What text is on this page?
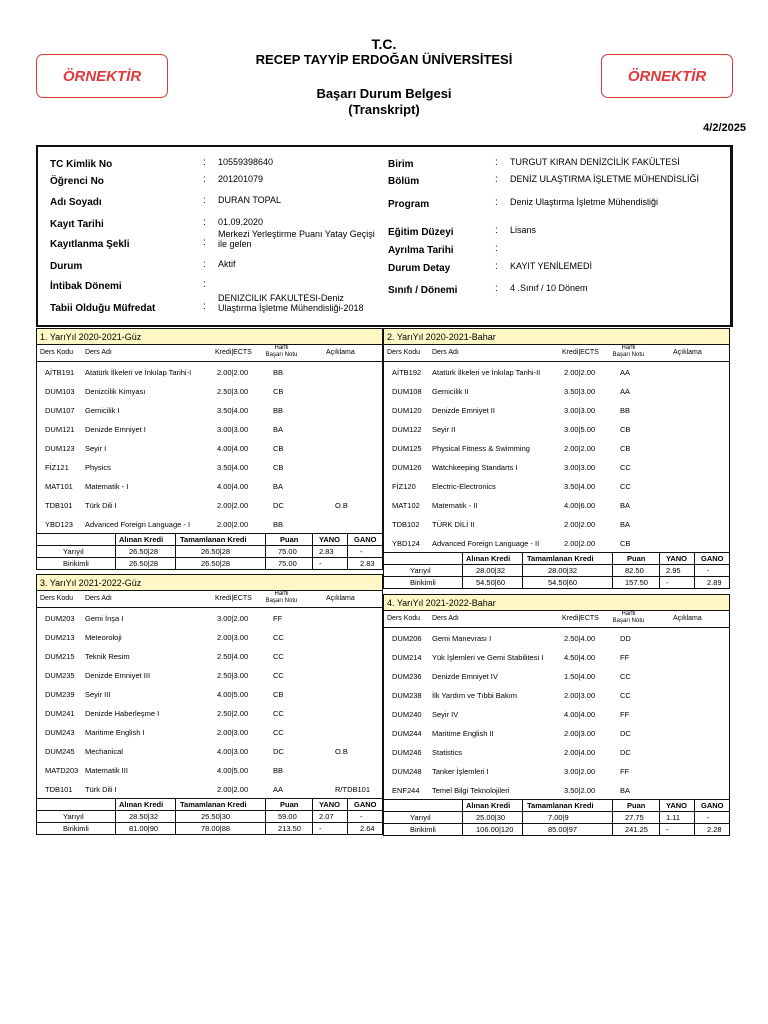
ÖRNEKTİR	ÖRNEKTİR
T.C.
RECEP TAYYİP ERDOĞAN ÜNİVERSİTESİ
Başarı Durum Belgesi
(Transkript)
4/2/2025
TC Kimlik No	: 10559398640
Öğrenci No	: 201201079
Adı Soyadı	: DURAN TOPAL
Kayıt Tarihi	: 01.09.2020
Kayıtlanma Şekli	:
Merkezi Yerleştirme Puanı Yatay Geçişi ile gelen
Durum	: Aktif
İntibak Dönemi	:
Tabii Olduğu Müfredat	:
DENIZCILIK FAKULTESI-Deniz Ulaştırma İşletme Mühendisliği-2018
Birim	: TURGUT KIRAN DENİZCİLİK FAKÜLTESİ
Bölüm	: DENİZ ULAŞTIRMA İŞLETME MÜHENDİSLİĞİ
Program	: Deniz Ulaştırma İşletme Mühendisliği
Eğitim Düzeyi	: Lisans
Ayrılma Tarihi	:
Durum Detay	: KAYIT YENİLEMEDİ
Sınıfı / Dönemi	: 4 .Sınıf / 10 Dönem
1. YarıYıl 2020-2021-Güz
Ders Kodu Ders Adı	Kredi|ECTS
Harfli
Başarı Notu	Açıklama
AİTB191 Atatürk İlkeleri ve İnkılap Tarihi-I	2.00|2.00	BB
DUM103 Denizcilik Kimyası	2.50|3.00	CB
DUM107 Gemicilik I	3.50|4.00	BB
DUM121 Denizde Emniyet I	3.00|3.00	BA
DUM123 Seyir I	4.00|4.00	CB
FİZ121 Physics	3.50|4.00	CB
MAT101 Matematik - I	4.00|4.00	BA
TDB101 Türk Dili I	2.00|2.00	DC	O.B
YBD123 Advanced Foreign Language - I	2.00|2.00	BB
Alınan Kredi Tamamlanan Kredi	Puan	YANO GANO
Yarıyıl	26.50|28	26.50|28	75.00	2.83	-
Birikimli	26.50|28	26.50|28	75.00	-	2.83
2. YarıYıl 2020-2021-Bahar
Ders Kodu Ders Adı	Kredi|ECTS
Harfli
Başarı Notu	Açıklama
AİTB192 Atatürk İlkeleri ve İnkılap Tarihi-II	2.00|2.00	AA
DUM108 Gemicilik II	3.50|3.00	AA
DUM120 Denizde Emniyet II	3.00|3.00	BB
DUM122 Seyir II	3.00|5.00	CB
DUM125 Physical Fitness & Swimming	2.00|2.00	CB
DUM126 Watchkeeping Standarts I	3.00|3.00	CC
FİZ120 Electric-Electronics	3.50|4.00	CC
MAT102 Matematik - II	4.00|6.00	BA
TDB102 TÜRK DİLİ II	2.00|2.00	BA
YBD124 Advanced Foreign Language - II	2.00|2.00	CB
Alınan Kredi Tamamlanan Kredi	Puan	YANO GANO
Yarıyıl	28.00|32	28.00|32	82.50	2.95	-
Birikimli	54.50|60	54.50|60	157.50 -	2.89
3. YarıYıl 2021-2022-Güz
Ders Kodu Ders Adı	Kredi|ECTS
Harfli
Başarı Notu	Açıklama
DUM203 Gemi İnşa I	3.00|2.00	FF
DUM213 Meteoroloji	2.00|3.00	CC
DUM215 Teknik Resim	2.50|4.00	CC
DUM235 Denizde Emniyet III	2.50|3.00	CC
DUM239 Seyir III	4.00|5.00	CB
DUM241 Denizde Haberleşme I	2.50|2.00	CC
DUM243 Maritime English I	2.00|3.00	CC
DUM245 Mechanical	4.00|3.00	DC	O.B
MATD203 Matematik III	4.00|5.00	BB
TDB101 Türk Dili I	2.00|2.00	AA	R/TDB101
Alınan Kredi Tamamlanan Kredi	Puan	YANO GANO
Yarıyıl	28.50|32	25.50|30	59.00	2.07	-
Birikimli	81.00|90	78.00|88	213.50 -	2.64
4. YarıYıl 2021-2022-Bahar
Ders Kodu Ders Adı	Kredi|ECTS
Harfli
Başarı Notu	Açıklama
DUM206 Gemi Manevrası I	2.50|4.00	DD
DUM214 Yük İşlemleri ve Gemi Stabilitesi I	4.50|4.00	FF
DUM236 Denizde Emniyet IV	1.50|4.00	CC
DUM238 İlk Yardım ve Tıbbi Bakım	2.00|3.00	CC
DUM240 Seyir IV	4.00|4.00	FF
DUM244 Maritime English II	2.00|3.00	DC
DUM246 Statistics	2.00|4.00	DC
DUM248 Tanker İşlemleri I	3.00|2.00	FF
ENF244 Temel Bilgi Teknolojileri	3.50|2.00	BA
Alınan Kredi Tamamlanan Kredi	Puan	YANO GANO
Yarıyıl	25.00|30	7.00|9	27.75	1.11	-
Birikimli	106.00|120	85.00|97	241.25 -	2.28
